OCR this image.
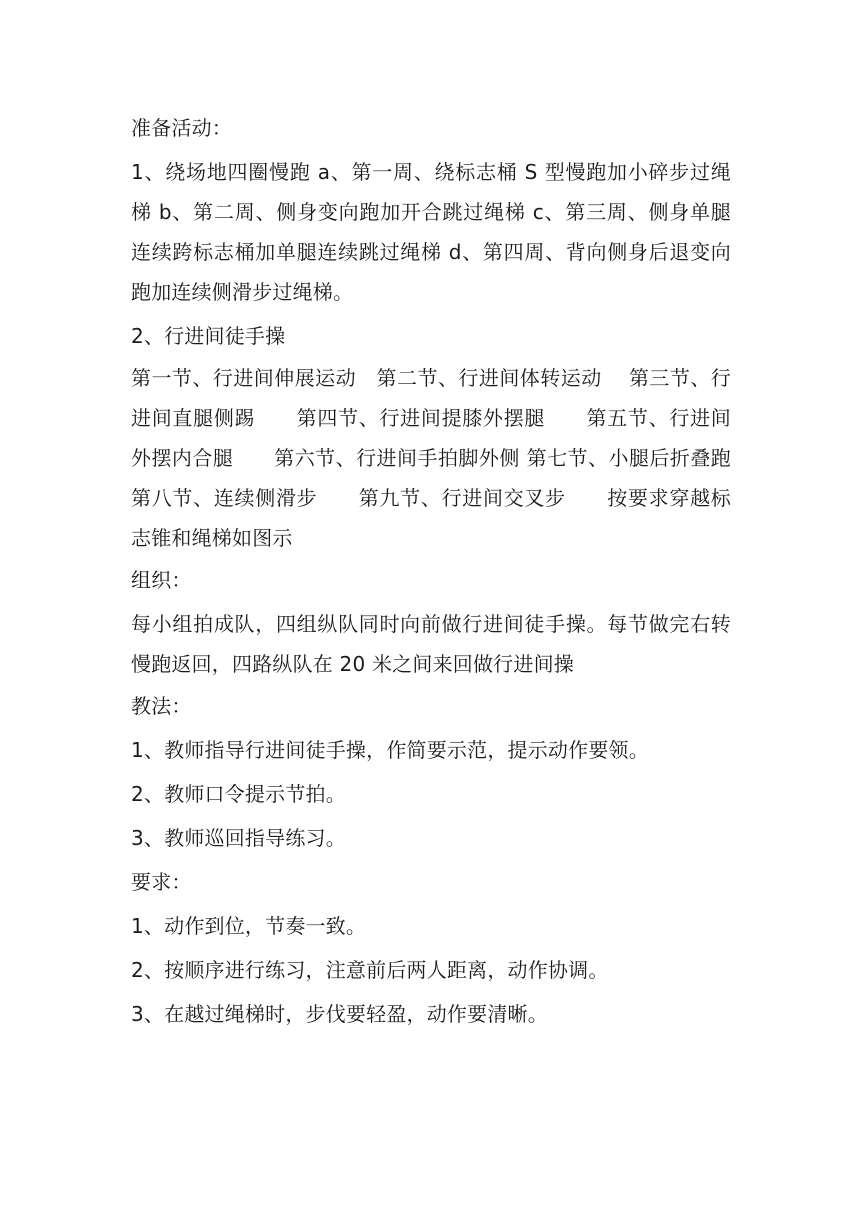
准备活动：
1、绕场地四圈慢跑 a、第一周、绕标志桶 S 型慢跑加小碎步过绳梯 b、第二周、侧身变向跑加开合跳过绳梯 c、第三周、侧身单腿连续跨标志桶加单腿连续跳过绳梯 d、第四周、背向侧身后退变向跑加连续侧滑步过绳梯。
2、行进间徒手操
第一节、行进间伸展运动　第二节、行进间体转运动　 第三节、行进间直腿侧踢　　第四节、行进间提膝外摆腿　　第五节、行进间外摆内合腿　　第六节、行进间手拍脚外侧 第七节、小腿后折叠跑　　第八节、连续侧滑步　　第九节、行进间交叉步　　按要求穿越标志锥和绳梯如图示
组织：
每小组拍成队，四组纵队同时向前做行进间徒手操。每节做完右转慢跑返回，四路纵队在 20 米之间来回做行进间操
教法：
1、教师指导行进间徒手操，作简要示范，提示动作要领。
2、教师口令提示节拍。
3、教师巡回指导练习。
要求：
1、动作到位，节奏一致。
2、按顺序进行练习，注意前后两人距离，动作协调。
3、在越过绳梯时，步伐要轻盈，动作要清晰。
